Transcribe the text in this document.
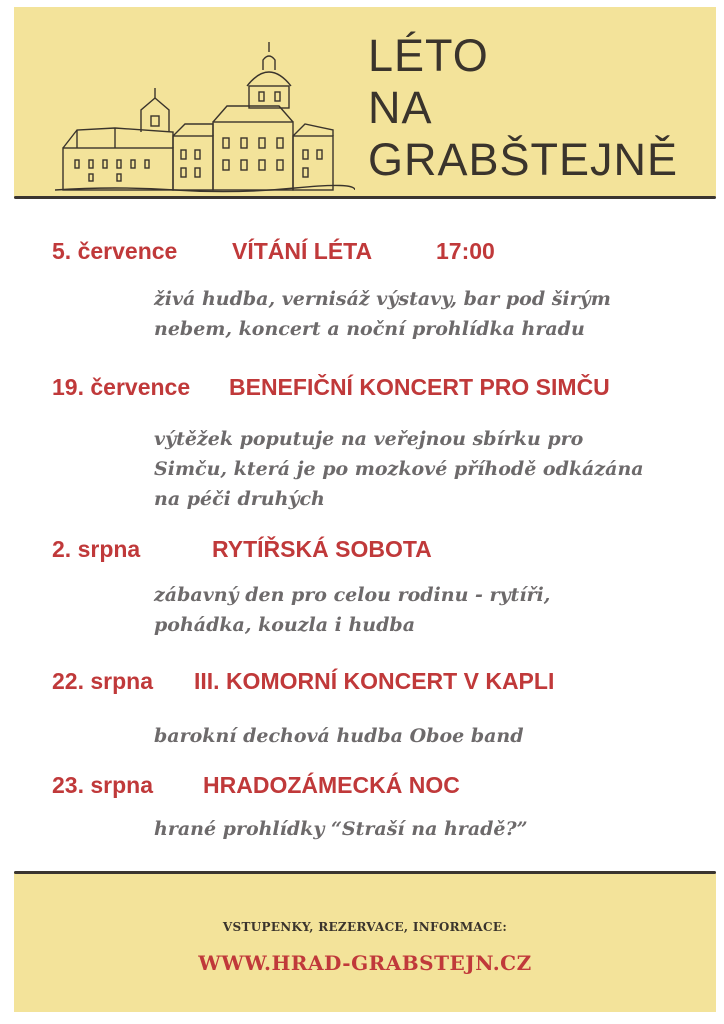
LÉTO
NA
GRABŠTEJNĚ
5. července VÍTÁNÍ LÉTA	17:00
živá hudba, vernisáž výstavy, bar pod širým
nebem, koncert a noční prohlídka hradu
19. července BENEFIČNÍ KONCERT PRO SIMČU
výtěžek poputuje na veřejnou sbírku pro
Simču, která je po mozkové příhodě odkázána
na péči druhých
2. srpna	RYTÍŘSKÁ SOBOTA
zábavný den pro celou rodinu - rytíři,
pohádka, kouzla i hudba
22. srpna III. KOMORNÍ KONCERT V KAPLI
barokní dechová hudba Oboe band
23. srpna HRADOZÁMECKÁ NOC
hrané prohlídky “Straší na hradě?”
VSTUPENKY, REZERVACE, INFORMACE:
WWW.HRAD-GRABSTEJN.CZ
